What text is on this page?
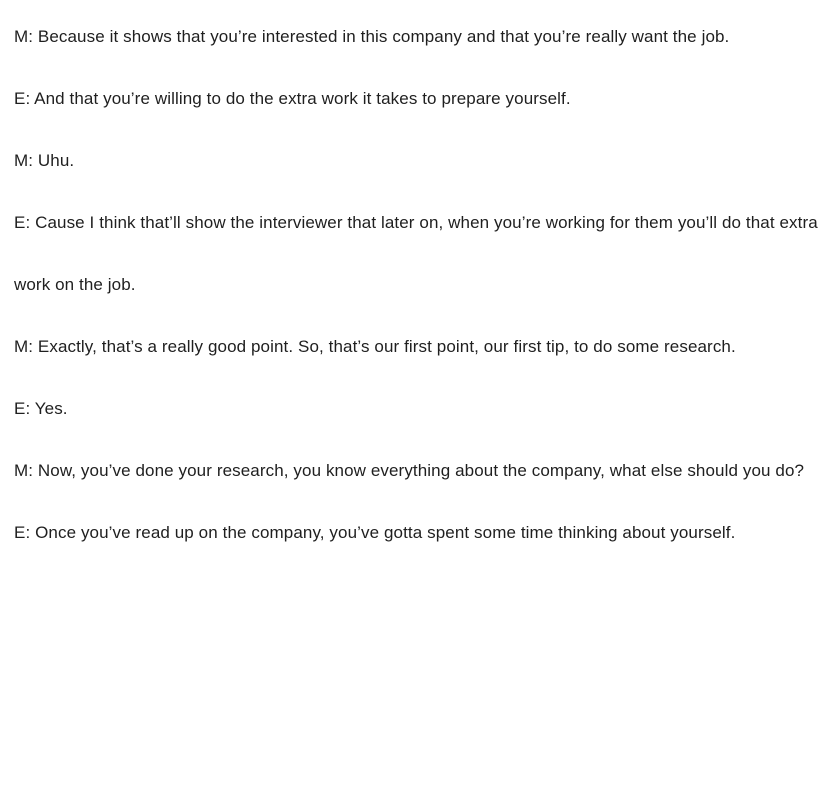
M: Because it shows that you’re interested in this company and that you’re really want the job.

E: And that you’re willing to do the extra work it takes to prepare yourself.

M: Uhu.

E: Cause I think that’ll show the interviewer that later on, when you’re working for them you’ll do that extra work on the job.

M: Exactly, that’s a really good point. So, that’s our first point, our first tip, to do some research.

E: Yes.

M: Now, you’ve done your research, you know everything about the company, what else should you do?

E: Once you’ve read up on the company, you’ve gotta spent some time thinking about yourself.
